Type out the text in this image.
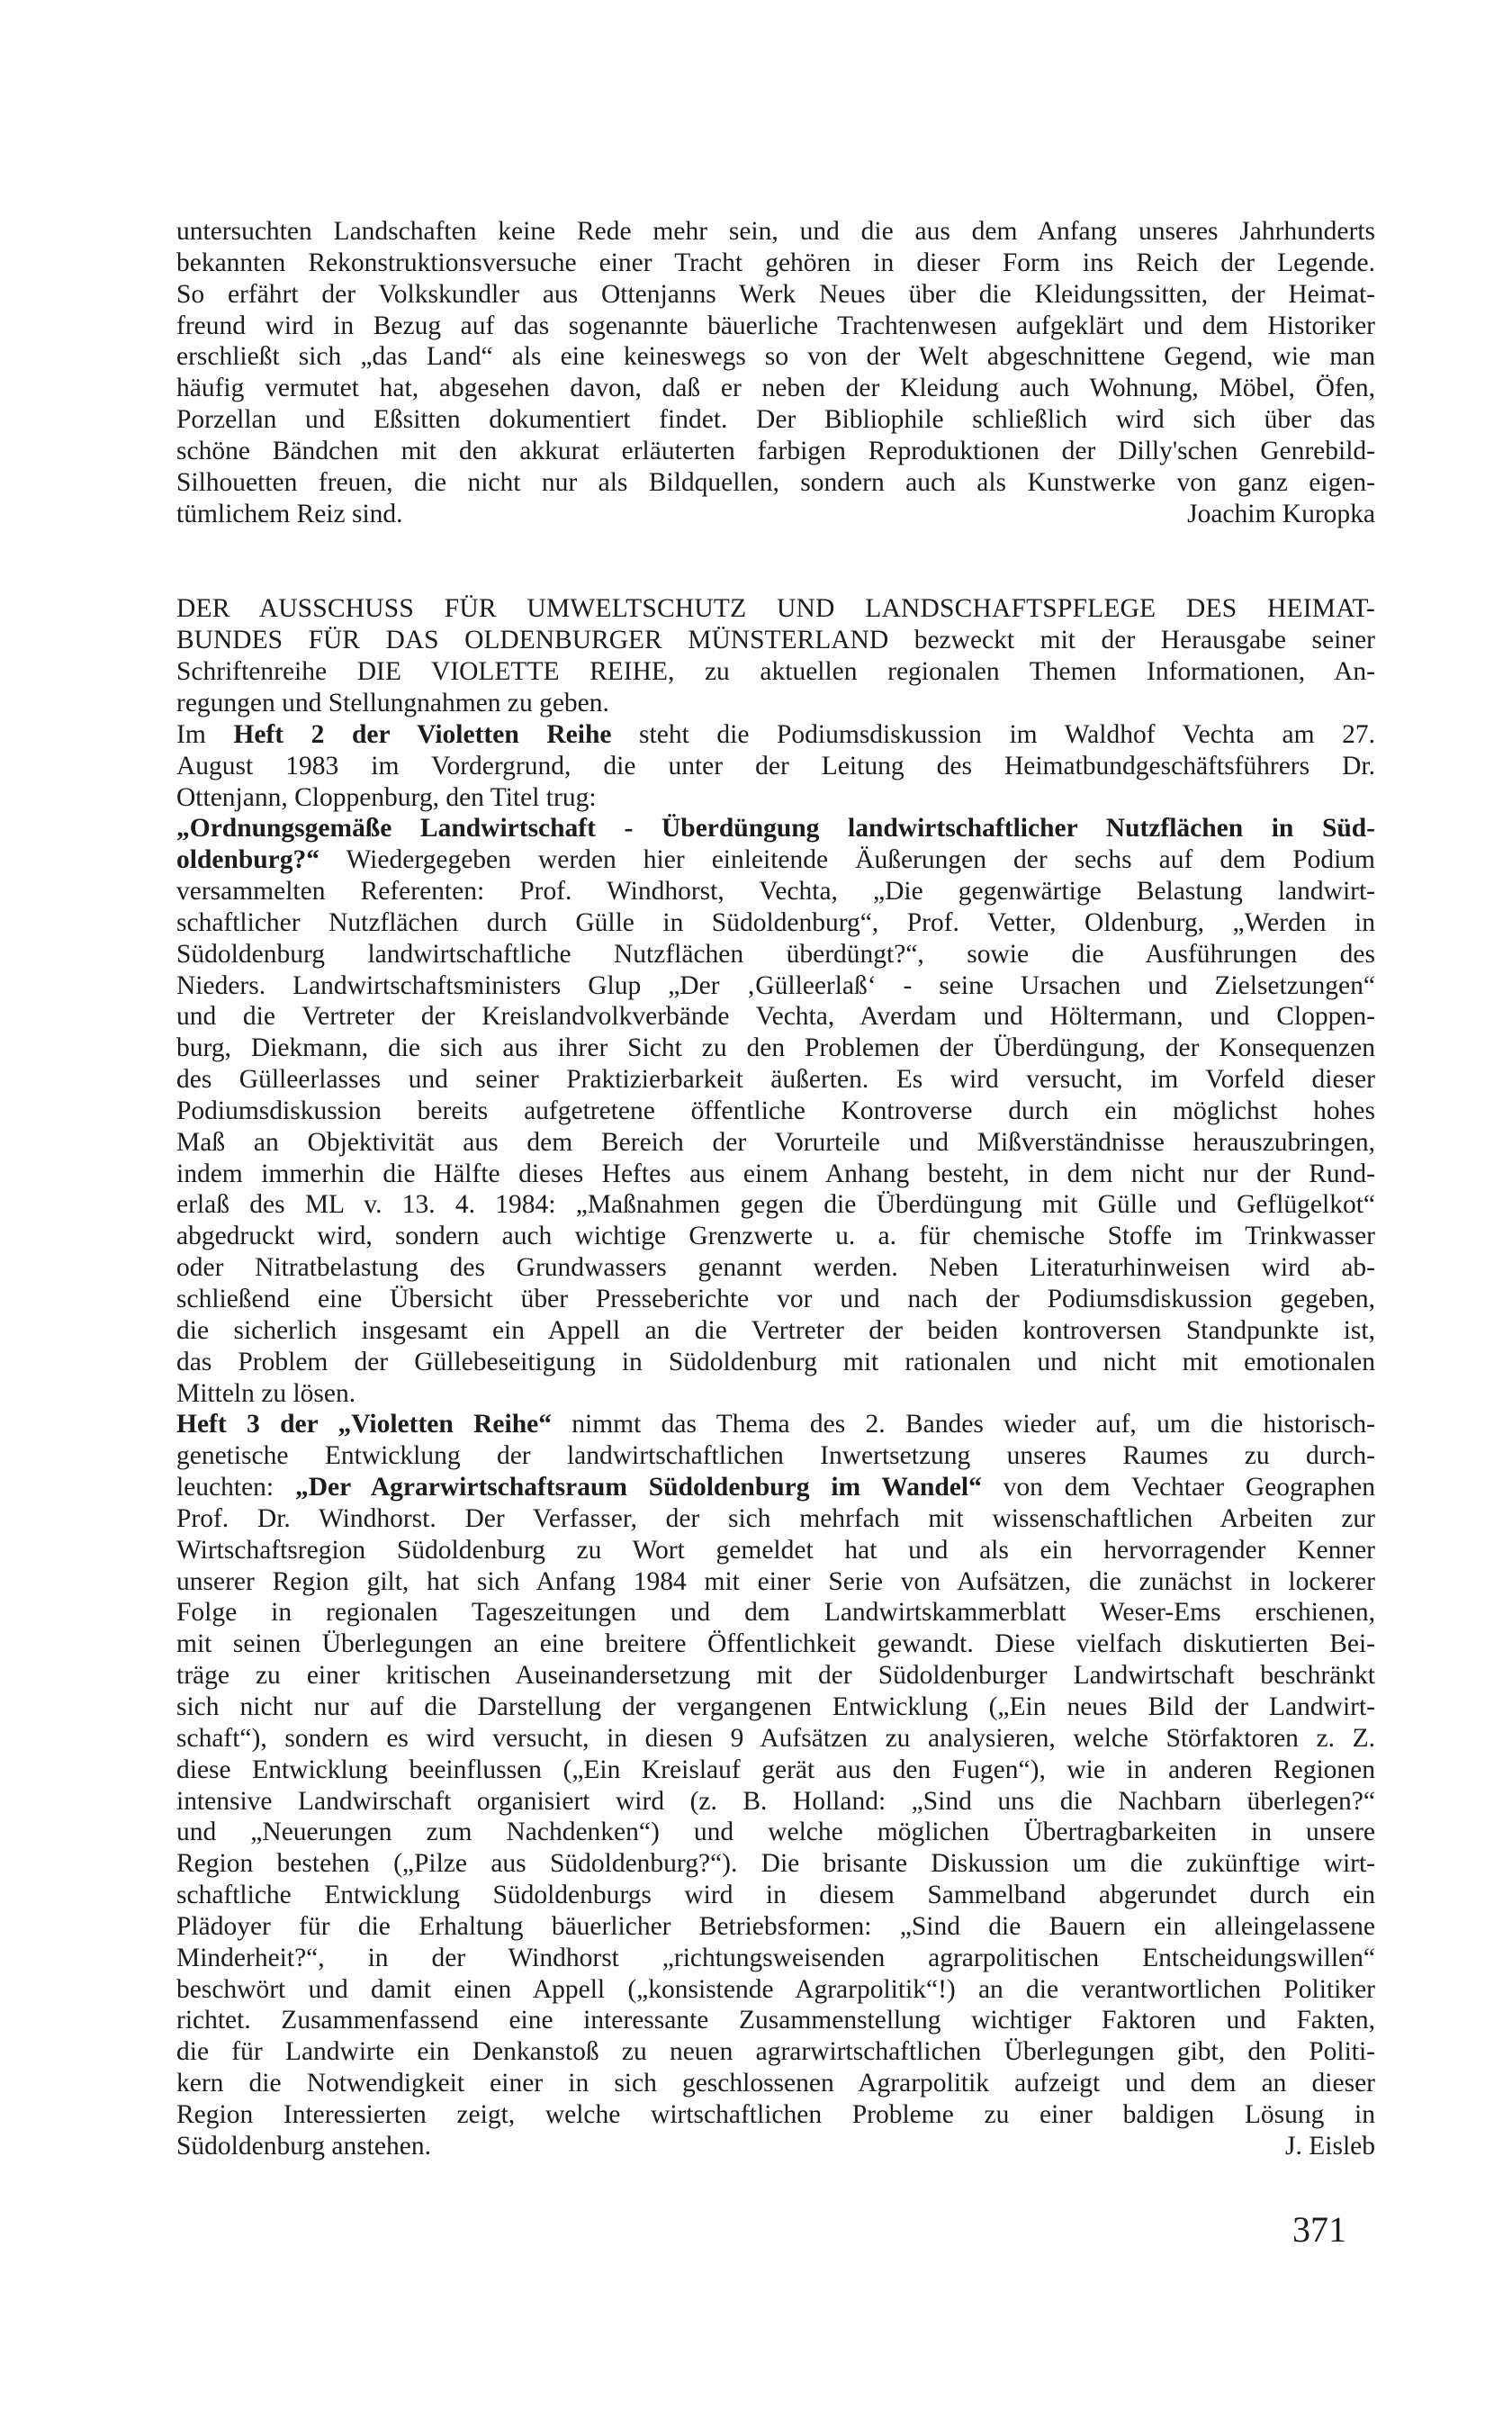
untersuchten Landschaften keine Rede mehr sein, und die aus dem Anfang unseres Jahrhunderts
bekannten Rekonstruktionsversuche einer Tracht gehören in dieser Form ins Reich der Legende.
So erfährt der Volkskundler aus Ottenjanns Werk Neues über die Kleidungssitten, der Heimat-
freund wird in Bezug auf das sogenannte bäuerliche Trachtenwesen aufgeklärt und dem Historiker
erschließt sich „das Land“ als eine keineswegs so von der Welt abgeschnittene Gegend, wie man
häufig vermutet hat, abgesehen davon, daß er neben der Kleidung auch Wohnung, Möbel, Öfen,
Porzellan und Eßsitten dokumentiert findet. Der Bibliophile schließlich wird sich über das
schöne Bändchen mit den akkurat erläuterten farbigen Reproduktionen der Dilly'schen Genrebild-
Silhouetten freuen, die nicht nur als Bildquellen, sondern auch als Kunstwerke von ganz eigen-
tümlichem Reiz sind.	Joachim Kuropka
DER AUSSCHUSS FÜR UMWELTSCHUTZ UND LANDSCHAFTSPFLEGE DES HEIMAT-
BUNDES FÜR DAS OLDENBURGER MÜNSTERLAND bezweckt mit der Herausgabe seiner
Schriftenreihe DIE VIOLETTE REIHE, zu aktuellen regionalen Themen Informationen, An-
regungen und Stellungnahmen zu geben.
Im Heft 2 der Violetten Reihe steht die Podiumsdiskussion im Waldhof Vechta am 27.
August 1983 im Vordergrund, die unter der Leitung des Heimatbundgeschäftsführers Dr.
Ottenjann, Cloppenburg, den Titel trug:
„Ordnungsgemäße Landwirtschaft - Überdüngung landwirtschaftlicher Nutzflächen in Süd-
oldenburg?“ Wiedergegeben werden hier einleitende Äußerungen der sechs auf dem Podium
versammelten Referenten: Prof. Windhorst, Vechta, „Die gegenwärtige Belastung landwirt-
schaftlicher Nutzflächen durch Gülle in Südoldenburg“, Prof. Vetter, Oldenburg, „Werden in
Südoldenburg landwirtschaftliche Nutzflächen überdüngt?“, sowie die Ausführungen des
Nieders. Landwirtschaftsministers Glup „Der ‚Gülleerlaß‘ - seine Ursachen und Zielsetzungen“
und die Vertreter der Kreislandvolkverbände Vechta, Averdam und Höltermann, und Cloppen-
burg, Diekmann, die sich aus ihrer Sicht zu den Problemen der Überdüngung, der Konsequenzen
des Gülleerlasses und seiner Praktizierbarkeit äußerten. Es wird versucht, im Vorfeld dieser
Podiumsdiskussion bereits aufgetretene öffentliche Kontroverse durch ein möglichst hohes
Maß an Objektivität aus dem Bereich der Vorurteile und Mißverständnisse herauszubringen,
indem immerhin die Hälfte dieses Heftes aus einem Anhang besteht, in dem nicht nur der Rund-
erlaß des ML v. 13. 4. 1984: „Maßnahmen gegen die Überdüngung mit Gülle und Geflügelkot“
abgedruckt wird, sondern auch wichtige Grenzwerte u. a. für chemische Stoffe im Trinkwasser
oder Nitratbelastung des Grundwassers genannt werden. Neben Literaturhinweisen wird ab-
schließend eine Übersicht über Presseberichte vor und nach der Podiumsdiskussion gegeben,
die sicherlich insgesamt ein Appell an die Vertreter der beiden kontroversen Standpunkte ist,
das Problem der Güllebeseitigung in Südoldenburg mit rationalen und nicht mit emotionalen
Mitteln zu lösen.
Heft 3 der „Violetten Reihe“ nimmt das Thema des 2. Bandes wieder auf, um die historisch-
genetische Entwicklung der landwirtschaftlichen Inwertsetzung unseres Raumes zu durch-
leuchten: „Der Agrarwirtschaftsraum Südoldenburg im Wandel“ von dem Vechtaer Geographen
Prof. Dr. Windhorst. Der Verfasser, der sich mehrfach mit wissenschaftlichen Arbeiten zur
Wirtschaftsregion Südoldenburg zu Wort gemeldet hat und als ein hervorragender Kenner
unserer Region gilt, hat sich Anfang 1984 mit einer Serie von Aufsätzen, die zunächst in lockerer
Folge in regionalen Tageszeitungen und dem Landwirtskammerblatt Weser-Ems erschienen,
mit seinen Überlegungen an eine breitere Öffentlichkeit gewandt. Diese vielfach diskutierten Bei-
träge zu einer kritischen Auseinandersetzung mit der Südoldenburger Landwirtschaft beschränkt
sich nicht nur auf die Darstellung der vergangenen Entwicklung („Ein neues Bild der Landwirt-
schaft“), sondern es wird versucht, in diesen 9 Aufsätzen zu analysieren, welche Störfaktoren z. Z.
diese Entwicklung beeinflussen („Ein Kreislauf gerät aus den Fugen“), wie in anderen Regionen
intensive Landwirschaft organisiert wird (z. B. Holland: „Sind uns die Nachbarn überlegen?“
und „Neuerungen zum Nachdenken“) und welche möglichen Übertragbarkeiten in unsere
Region bestehen („Pilze aus Südoldenburg?“). Die brisante Diskussion um die zukünftige wirt-
schaftliche Entwicklung Südoldenburgs wird in diesem Sammelband abgerundet durch ein
Plädoyer für die Erhaltung bäuerlicher Betriebsformen: „Sind die Bauern ein alleingelassene
Minderheit?“, in der Windhorst „richtungsweisenden agrarpolitischen Entscheidungswillen“
beschwört und damit einen Appell („konsistende Agrarpolitik“!) an die verantwortlichen Politiker
richtet. Zusammenfassend eine interessante Zusammenstellung wichtiger Faktoren und Fakten,
die für Landwirte ein Denkanstoß zu neuen agrarwirtschaftlichen Überlegungen gibt, den Politi-
kern die Notwendigkeit einer in sich geschlossenen Agrarpolitik aufzeigt und dem an dieser
Region Interessierten zeigt, welche wirtschaftlichen Probleme zu einer baldigen Lösung in
Südoldenburg anstehen.	J. Eisleb
371
